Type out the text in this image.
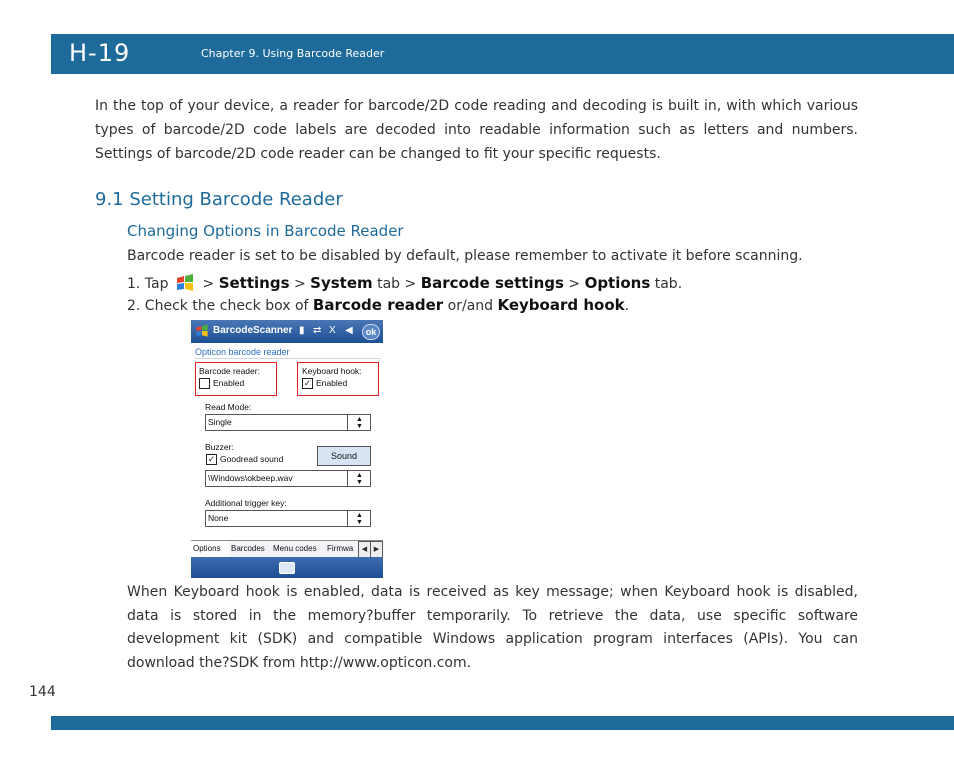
H-19	Chapter 9. Using Barcode Reader

In the top of your device, a reader for barcode/2D code reading and decoding is built in, with which various types of barcode/2D code labels are decoded into readable information such as letters and numbers. Settings of barcode/2D code reader can be changed to fit your specific requests.

9.1 Setting Barcode Reader
Changing Options in Barcode Reader
Barcode reader is set to be disabled by default, please remember to activate it before scanning.
1. Tap > Settings > System tab > Barcode settings > Options tab.
2. Check the check box of Barcode reader or/and Keyboard hook.
BarcodeScanner ▮ ⇄ Χ ◀	ok
Opticon barcode reader
Barcode reader:
Enabled
Keyboard hook:
✓ Enabled
Read Mode:
Single	▲
▼
Buzzer:
✓ Goodread sound	Sound
\Windows\okbeep.wav	▲
▼
Additional trigger key:
None	▲
▼
Options	Barcodes	Menu codes	Firmwa	◀ ▶

When Keyboard hook is enabled, data is received as key message; when Keyboard hook is disabled, data is stored in the memory?buffer temporarily. To retrieve the data, use specific software development kit (SDK) and compatible Windows application program interfaces (APIs). You can download the?SDK from http://www.opticon.com.

144
